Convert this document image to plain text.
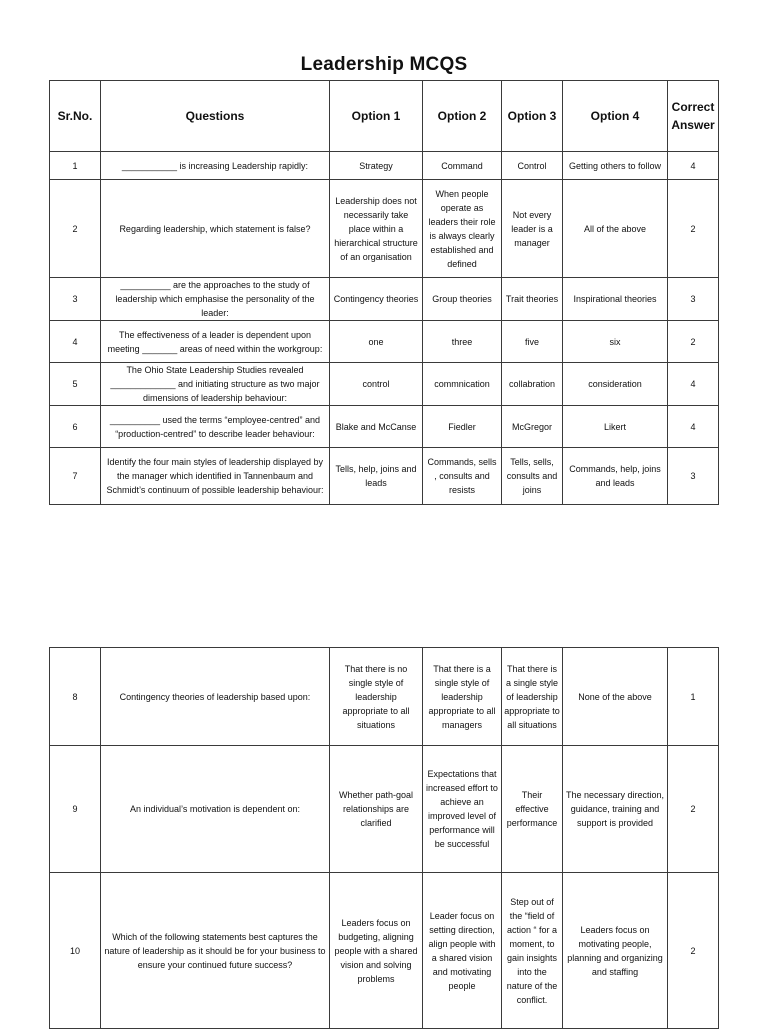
Leadership MCQS
Sr.No.	Questions	Option 1	Option 2	Option 3	Option 4	Correct Answer
1	___________ is increasing Leadership rapidly:	Strategy	Command	Control	Getting others to follow	4
2	Regarding leadership, which statement is false?	Leadership does not necessarily take place within a hierarchical structure of an organisation	When people operate as leaders their role is always clearly established and defined	Not every leader is a manager	All of the above	2
3	__________ are the approaches to the study of leadership which emphasise the personality of the leader:	Contingency theories	Group theories	Trait theories	Inspirational theories	3
4	The effectiveness of a leader is dependent upon meeting _______ areas of need within the workgroup:	one	three	five	six	2
5	The Ohio State Leadership Studies revealed _____________ and initiating structure as two major dimensions of leadership behaviour:	control	commnication	collabration	consideration	4
6	__________ used the terms “employee-centred” and “production-centred” to describe leader behaviour:	Blake and McCanse	Fiedler	McGregor	Likert	4
7	Identify the four main styles of leadership displayed by the manager which identified in Tannenbaum and Schmidt’s continuum of possible leadership behaviour:	Tells, help, joins and leads	Commands, sells , consults and resists	Tells, sells, consults and joins	Commands, help, joins and leads	3
8	Contingency theories of leadership based upon:	That there is no single style of leadership appropriate to all situations	That there is a single style of leadership appropriate to all managers	That there is a single style of leadership appropriate to all situations	None of the above	1
9	An individual’s motivation is dependent on:	Whether path-goal relationships are clarified	Expectations that increased effort to achieve an improved level of performance will be successful	Their effective performance	The necessary direction, guidance, training and support is provided	2
10	Which of the following statements best captures the nature of leadership as it should be for your business to ensure your continued future success?	Leaders focus on budgeting, aligning people with a shared vision and solving problems	Leader focus on setting direction, align people with a shared vision and motivating people	Step out of the “field of action “ for a moment, to gain insights into the nature of the conflict.	Leaders focus on motivating people, planning and organizing and staffing	2
